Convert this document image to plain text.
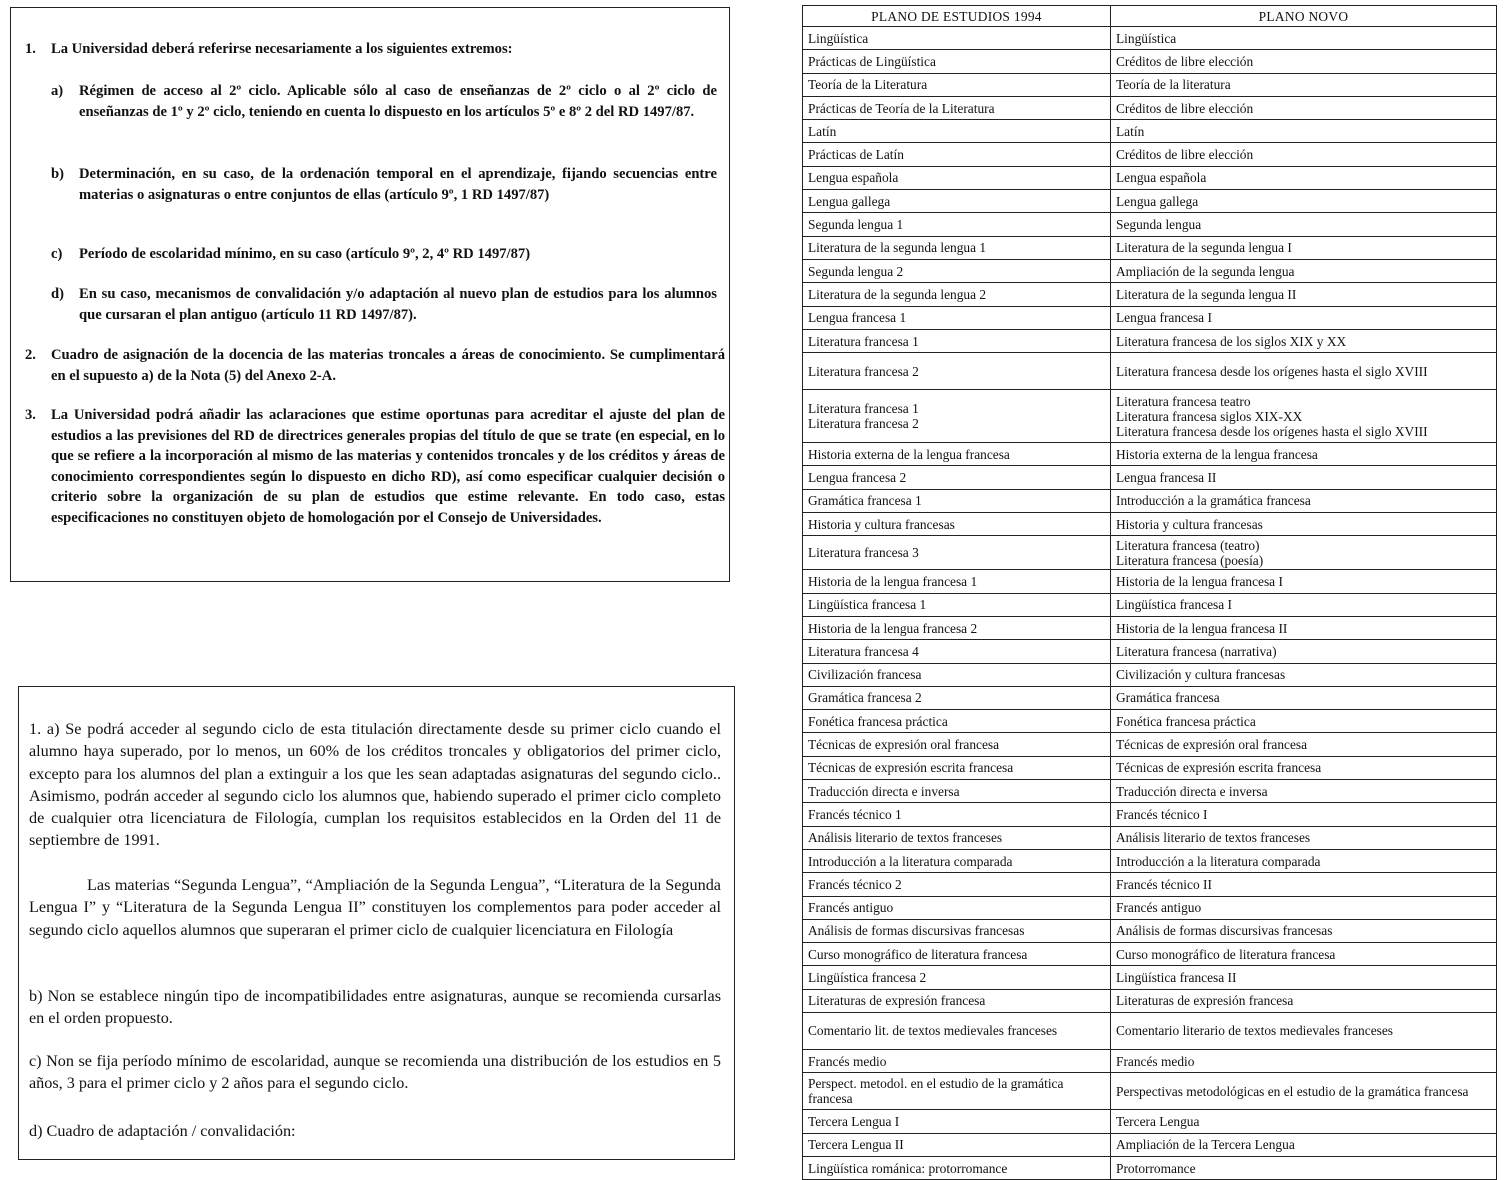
1. La Universidad deberá referirse necesariamente a los siguientes extremos:
a) Régimen de acceso al 2º ciclo. Aplicable sólo al caso de enseñanzas de 2º ciclo o al 2º ciclo de enseñanzas de 1º y 2º ciclo, teniendo en cuenta lo dispuesto en los artículos 5º e 8º 2 del RD 1497/87.
b) Determinación, en su caso, de la ordenación temporal en el aprendizaje, fijando secuencias entre materias o asignaturas o entre conjuntos de ellas (artículo 9º, 1 RD 1497/87)
c) Período de escolaridad mínimo, en su caso (artículo 9º, 2, 4º RD 1497/87)
d) En su caso, mecanismos de convalidación y/o adaptación al nuevo plan de estudios para los alumnos que cursaran el plan antiguo (artículo 11 RD 1497/87).
2. Cuadro de asignación de la docencia de las materias troncales a áreas de conocimiento. Se cumplimentará en el supuesto a) de la Nota (5) del Anexo 2-A.
3. La Universidad podrá añadir las aclaraciones que estime oportunas para acreditar el ajuste del plan de estudios a las previsiones del RD de directrices generales propias del título de que se trate (en especial, en lo que se refiere a la incorporación al mismo de las materias y contenidos troncales y de los créditos y áreas de conocimiento correspondientes según lo dispuesto en dicho RD), así como especificar cualquier decisión o criterio sobre la organización de su plan de estudios que estime relevante. En todo caso, estas especificaciones no constituyen objeto de homologación por el Consejo de Universidades.

1. a) Se podrá acceder al segundo ciclo de esta titulación directamente desde su primer ciclo cuando el alumno haya superado, por lo menos, un 60% de los créditos troncales y obligatorios del primer ciclo, excepto para los alumnos del plan a extinguir a los que les sean adaptadas asignaturas del segundo ciclo.. Asimismo, podrán acceder al segundo ciclo los alumnos que, habiendo superado el primer ciclo completo de cualquier otra licenciatura de Filología, cumplan los requisitos establecidos en la Orden del 11 de septiembre de 1991.

Las materias “Segunda Lengua”, “Ampliación de la Segunda Lengua”, “Literatura de la Segunda Lengua I” y “Literatura de la Segunda Lengua II” constituyen los complementos para poder acceder al segundo ciclo aquellos alumnos que superaran el primer ciclo de cualquier licenciatura en Filología

b) Non se establece ningún tipo de incompatibilidades entre asignaturas, aunque se recomienda cursarlas en el orden propuesto.

c) Non se fija período mínimo de escolaridad, aunque se recomienda una distribución de los estudios en 5 años, 3 para el primer ciclo y 2 años para el segundo ciclo.

d) Cuadro de adaptación / convalidación:

PLANO DE ESTUDIOS 1994	PLANO NOVO

Lingüística	Lingüística

Prácticas de Lingüística	Créditos de libre elección

Teoría de la Literatura	Teoría de la literatura

Prácticas de Teoría de la Literatura	Créditos de libre elección

Latín	Latín

Prácticas de Latín	Créditos de libre elección

Lengua española	Lengua española

Lengua gallega	Lengua gallega

Segunda lengua 1	Segunda lengua

Literatura de la segunda lengua 1	Literatura de la segunda lengua I

Segunda lengua 2	Ampliación de la segunda lengua

Literatura de la segunda lengua 2	Literatura de la segunda lengua II

Lengua francesa 1	Lengua francesa I

Literatura francesa 1	Literatura francesa de los siglos XIX y XX

Literatura francesa 2	Literatura francesa desde los orígenes hasta el siglo XVIII

Literatura francesa 1
Literatura francesa 2	Literatura francesa teatro
Literatura francesa siglos XIX-XX
Literatura francesa desde los orígenes hasta el siglo XVIII

Historia externa de la lengua francesa	Historia externa de la lengua francesa

Lengua francesa 2	Lengua francesa II

Gramática francesa 1	Introducción a la gramática francesa

Historia y cultura francesas	Historia y cultura francesas

Literatura francesa 3	Literatura francesa (teatro)
Literatura francesa (poesía)

Historia de la lengua francesa 1	Historia de la lengua francesa I

Lingüística francesa 1	Lingüística francesa I

Historia de la lengua francesa 2	Historia de la lengua francesa II

Literatura francesa 4	Literatura francesa (narrativa)

Civilización francesa	Civilización y cultura francesas

Gramática francesa 2	Gramática francesa

Fonética francesa práctica	Fonética francesa práctica

Técnicas de expresión oral francesa	Técnicas de expresión oral francesa

Técnicas de expresión escrita francesa	Técnicas de expresión escrita francesa

Traducción directa e inversa	Traducción directa e inversa

Francés técnico 1	Francés técnico I

Análisis literario de textos franceses	Análisis literario de textos franceses

Introducción a la literatura comparada	Introducción a la literatura comparada

Francés técnico 2	Francés técnico II

Francés antiguo	Francés antiguo

Análisis de formas discursivas francesas	Análisis de formas discursivas francesas

Curso monográfico de literatura francesa	Curso monográfico de literatura francesa

Lingüística francesa 2	Lingüística francesa II

Literaturas de expresión francesa	Literaturas de expresión francesa

Comentario lit. de textos medievales franceses	Comentario literario de textos medievales franceses

Francés medio	Francés medio

Perspect. metodol. en el estudio de la gramática francesa	Perspectivas metodológicas en el estudio de la gramática francesa

Tercera Lengua I	Tercera Lengua

Tercera Lengua II	Ampliación de la Tercera Lengua

Lingüística románica: protorromance	Protorromance
